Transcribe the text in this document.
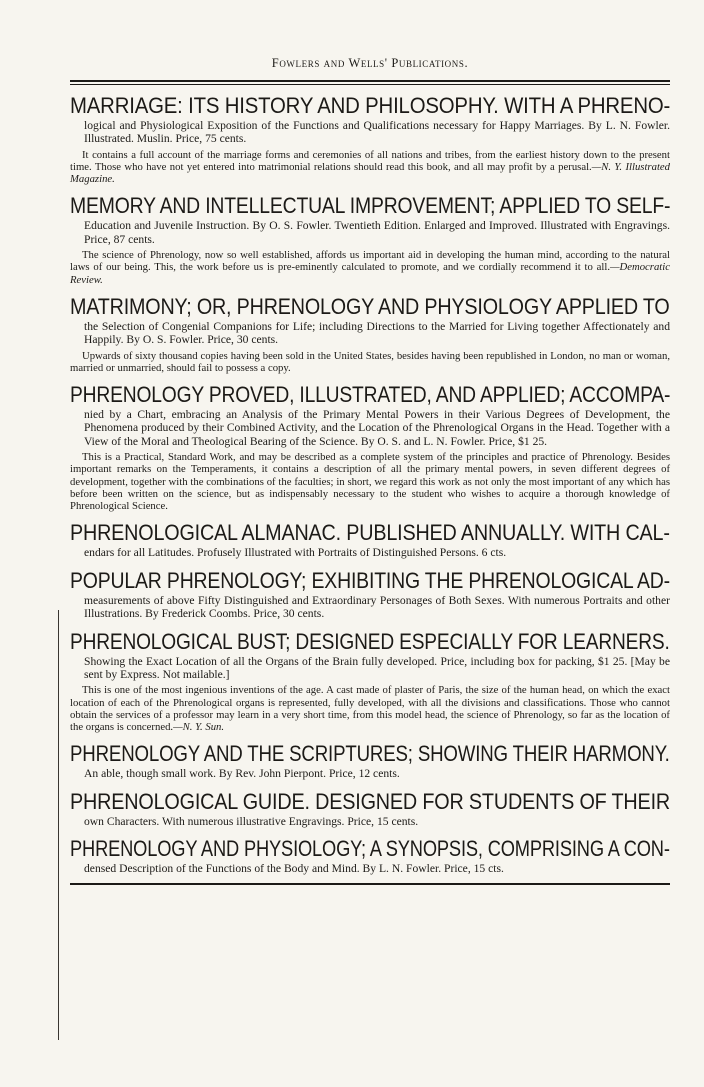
Fowlers and Wells' Publications.
MARRIAGE: ITS HISTORY AND PHILOSOPHY. WITH A PHRENO-
logical and Physiological Exposition of the Functions and Qualifications necessary for Happy Marriages. By L. N. Fowler. Illustrated. Muslin. Price, 75 cents.
It contains a full account of the marriage forms and ceremonies of all nations and tribes, from the earliest history down to the present time. Those who have not yet entered into matrimonial relations should read this book, and all may profit by a perusal.—N. Y. Illustrated Magazine.
MEMORY AND INTELLECTUAL IMPROVEMENT; APPLIED TO SELF-
Education and Juvenile Instruction. By O. S. Fowler. Twentieth Edition. Enlarged and Improved. Illustrated with Engravings. Price, 87 cents.
The science of Phrenology, now so well established, affords us important aid in developing the human mind, according to the natural laws of our being. This, the work before us is pre-eminently calculated to promote, and we cordially recommend it to all.—Democratic Review.
MATRIMONY; OR, PHRENOLOGY AND PHYSIOLOGY APPLIED TO
the Selection of Congenial Companions for Life; including Directions to the Married for Living together Affectionately and Happily. By O. S. Fowler. Price, 30 cents.
Upwards of sixty thousand copies having been sold in the United States, besides having been republished in London, no man or woman, married or unmarried, should fail to possess a copy.
PHRENOLOGY PROVED, ILLUSTRATED, AND APPLIED; ACCOMPA-
nied by a Chart, embracing an Analysis of the Primary Mental Powers in their Various Degrees of Development, the Phenomena produced by their Combined Activity, and the Location of the Phrenological Organs in the Head. Together with a View of the Moral and Theological Bearing of the Science. By O. S. and L. N. Fowler. Price, $1 25.
This is a Practical, Standard Work, and may be described as a complete system of the principles and practice of Phrenology. Besides important remarks on the Temperaments, it contains a description of all the primary mental powers, in seven different degrees of development, together with the combinations of the faculties; in short, we regard this work as not only the most important of any which has before been written on the science, but as indispensably necessary to the student who wishes to acquire a thorough knowledge of Phrenological Science.
PHRENOLOGICAL ALMANAC. PUBLISHED ANNUALLY. WITH CAL-
endars for all Latitudes. Profusely Illustrated with Portraits of Distinguished Persons. 6 cts.
POPULAR PHRENOLOGY; EXHIBITING THE PHRENOLOGICAL AD-
measurements of above Fifty Distinguished and Extraordinary Personages of Both Sexes. With numerous Portraits and other Illustrations. By Frederick Coombs. Price, 30 cents.
PHRENOLOGICAL BUST; DESIGNED ESPECIALLY FOR LEARNERS.
Showing the Exact Location of all the Organs of the Brain fully developed. Price, including box for packing, $1 25. [May be sent by Express. Not mailable.]
This is one of the most ingenious inventions of the age. A cast made of plaster of Paris, the size of the human head, on which the exact location of each of the Phrenological organs is represented, fully developed, with all the divisions and classifications. Those who cannot obtain the services of a professor may learn in a very short time, from this model head, the science of Phrenology, so far as the location of the organs is concerned.—N. Y. Sun.
PHRENOLOGY AND THE SCRIPTURES; SHOWING THEIR HARMONY.
An able, though small work. By Rev. John Pierpont. Price, 12 cents.
PHRENOLOGICAL GUIDE. DESIGNED FOR STUDENTS OF THEIR
own Characters. With numerous illustrative Engravings. Price, 15 cents.
PHRENOLOGY AND PHYSIOLOGY; A SYNOPSIS, COMPRISING A CON-
densed Description of the Functions of the Body and Mind. By L. N. Fowler. Price, 15 cts.
